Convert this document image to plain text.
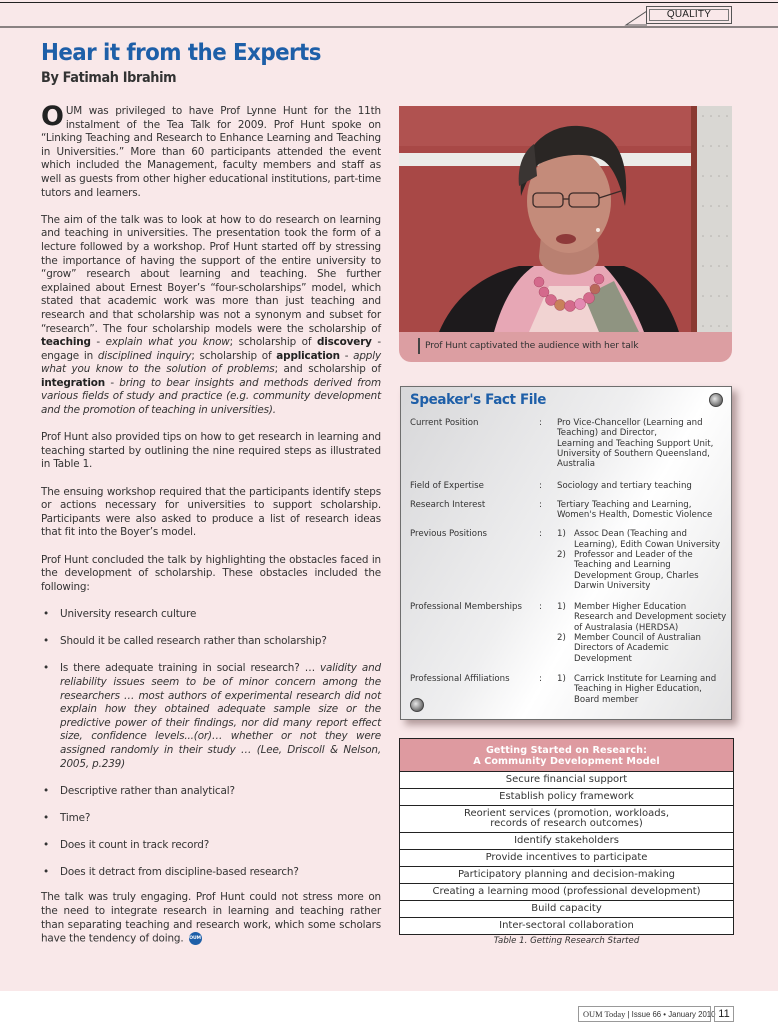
QUALITY
Hear it from the Experts
By Fatimah Ibrahim

OUM was privileged to have Prof Lynne Hunt for the 11th instalment of the Tea Talk for 2009. Prof Hunt spoke on “Linking Teaching and Research to Enhance Learning and Teaching in Universities.” More than 60 participants attended the event which included the Management, faculty members and staff as well as guests from other higher educational institutions, part-time tutors and learners.

The aim of the talk was to look at how to do research on learning and teaching in universities. The presentation took the form of a lecture followed by a workshop. Prof Hunt started off by stressing the importance of having the support of the entire university to “grow” research about learning and teaching. She further explained about Ernest Boyer’s “four-scholarships” model, which stated that academic work was more than just teaching and research and that scholarship was not a synonym and subset for “research”. The four scholarship models were the scholarship of teaching - explain what you know; scholarship of discovery - engage in disciplined inquiry; scholarship of application - apply what you know to the solution of problems; and scholarship of integration - bring to bear insights and methods derived from various fields of study and practice (e.g. community development and the promotion of teaching in universities).

Prof Hunt also provided tips on how to get research in learning and teaching started by outlining the nine required steps as illustrated in Table 1.

The ensuing workshop required that the participants identify steps or actions necessary for universities to support scholarship. Participants were also asked to produce a list of research ideas that fit into the Boyer’s model.

Prof Hunt concluded the talk by highlighting the obstacles faced in the development of scholarship. These obstacles included the following:

• University research culture
• Should it be called research rather than scholarship?
• Is there adequate training in social research? … validity and reliability issues seem to be of minor concern among the researchers … most authors of experimental research did not explain how they obtained adequate sample size or the predictive power of their findings, nor did many report effect size, confidence levels...(or)… whether or not they were assigned randomly in their study … (Lee, Driscoll & Nelson, 2005, p.239)
• Descriptive rather than analytical?
• Time?
• Does it count in track record?
• Does it detract from discipline-based research?

The talk was truly engaging. Prof Hunt could not stress more on the need to integrate research in learning and teaching rather than separating teaching and research work, which some scholars have the tendency of doing. OUM

Prof Hunt captivated the audience with her talk
Speaker's Fact File
Current Position	:	Pro Vice-Chancellor (Learning and Teaching) and Director,
Learning and Teaching Support Unit, University of Southern Queensland, Australia
Field of Expertise	:	Sociology and tertiary teaching
Research Interest	:	Tertiary Teaching and Learning, Women's Health, Domestic Violence
Previous Positions	:	1) Assoc Dean (Teaching and Learning), Edith Cowan University
2) Professor and Leader of the Teaching and Learning Development Group, Charles Darwin University
Professional Memberships	:	1) Member Higher Education Research and Development society of Australasia (HERDSA)
2) Member Council of Australian Directors of Academic Development
Professional Affiliations	:	1) Carrick Institute for Learning and Teaching in Higher Education, Board member
Getting Started on Research:
A Community Development Model
Secure financial support
Establish policy framework
Reorient services (promotion, workloads,
records of research outcomes)
Identify stakeholders
Provide incentives to participate
Participatory planning and decision-making
Creating a learning mood (professional development)
Build capacity
Inter-sectoral collaboration
Table 1. Getting Research Started
OUM Today | Issue 66 • January 2010 11
